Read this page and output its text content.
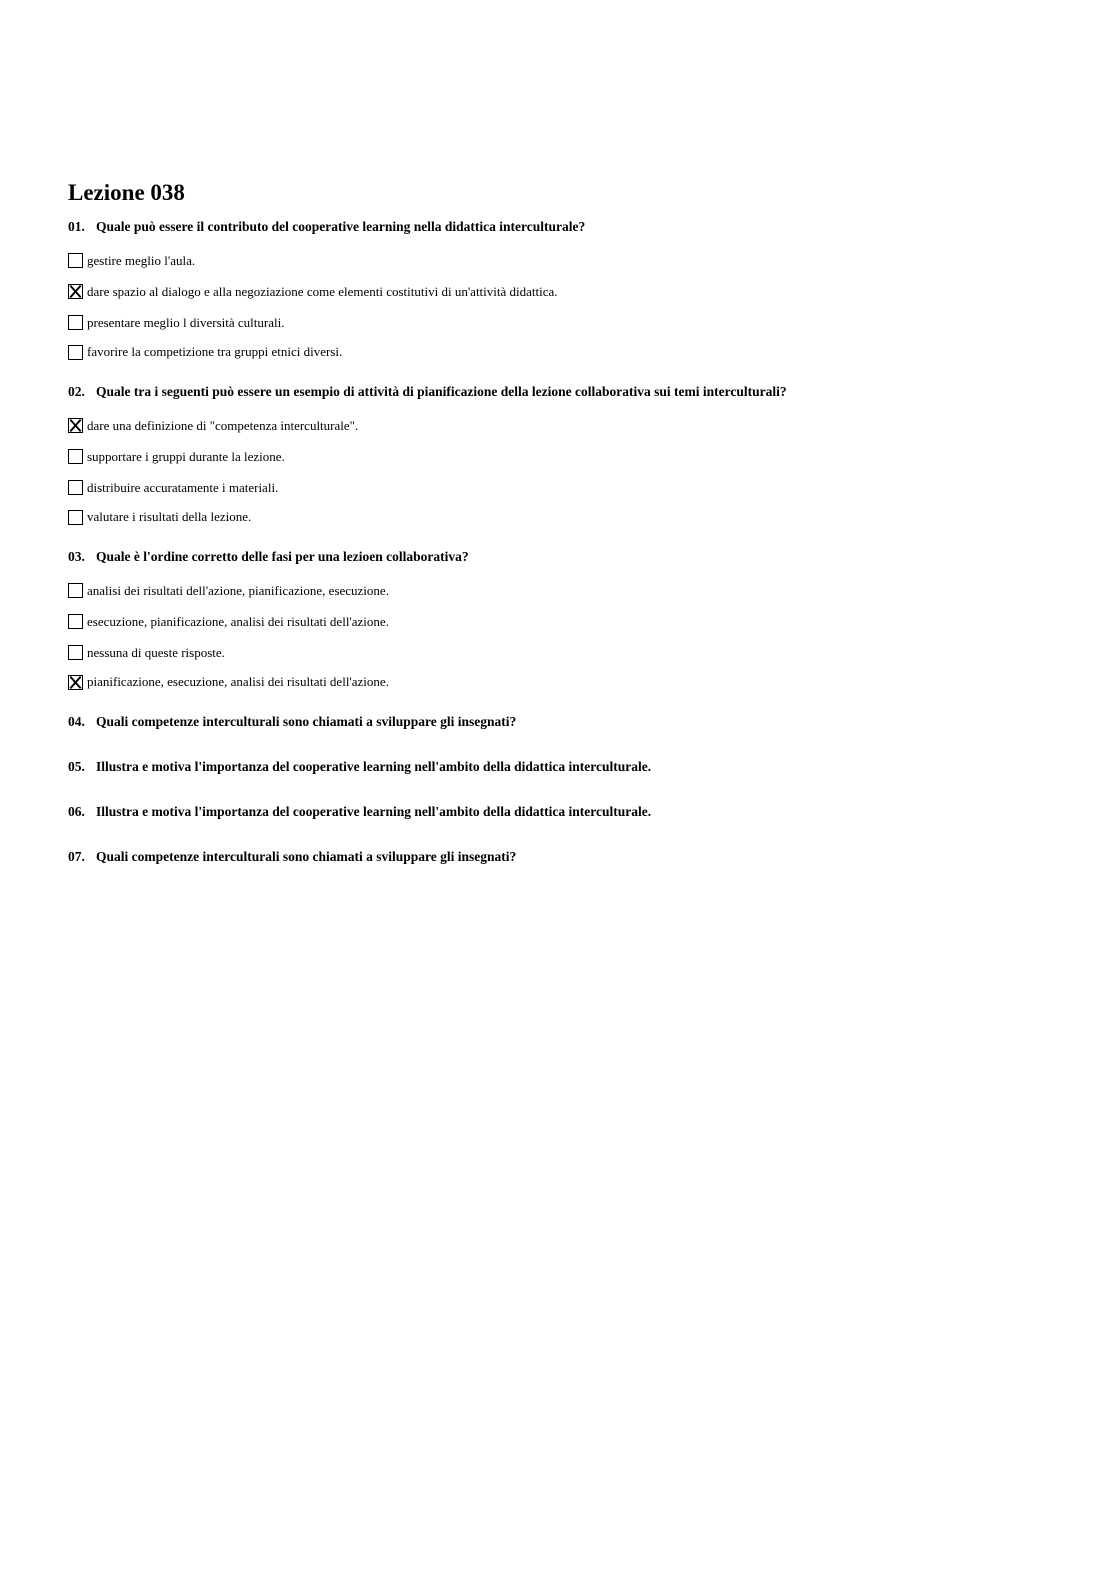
Lezione 038
01. Quale può essere il contributo del cooperative learning nella didattica interculturale?
gestire meglio l'aula.
dare spazio al dialogo e alla negoziazione come elementi costitutivi di un'attività didattica.
presentare meglio l diversità culturali.
favorire la competizione tra gruppi etnici diversi.
02. Quale tra i seguenti può essere un esempio di attività di pianificazione della lezione collaborativa sui temi interculturali?
dare una definizione di "competenza interculturale".
supportare i gruppi durante la lezione.
distribuire accuratamente i materiali.
valutare i risultati della lezione.
03. Quale è l'ordine corretto delle fasi per una lezioen collaborativa?
analisi dei risultati dell'azione, pianificazione, esecuzione.
esecuzione, pianificazione, analisi dei risultati dell'azione.
nessuna di queste risposte.
pianificazione, esecuzione, analisi dei risultati dell'azione.
04. Quali competenze interculturali sono chiamati a sviluppare gli insegnati?
05. Illustra e motiva l'importanza del cooperative learning nell'ambito della didattica interculturale.
06. Illustra e motiva l'importanza del cooperative learning nell'ambito della didattica interculturale.
07. Quali competenze interculturali sono chiamati a sviluppare gli insegnati?
